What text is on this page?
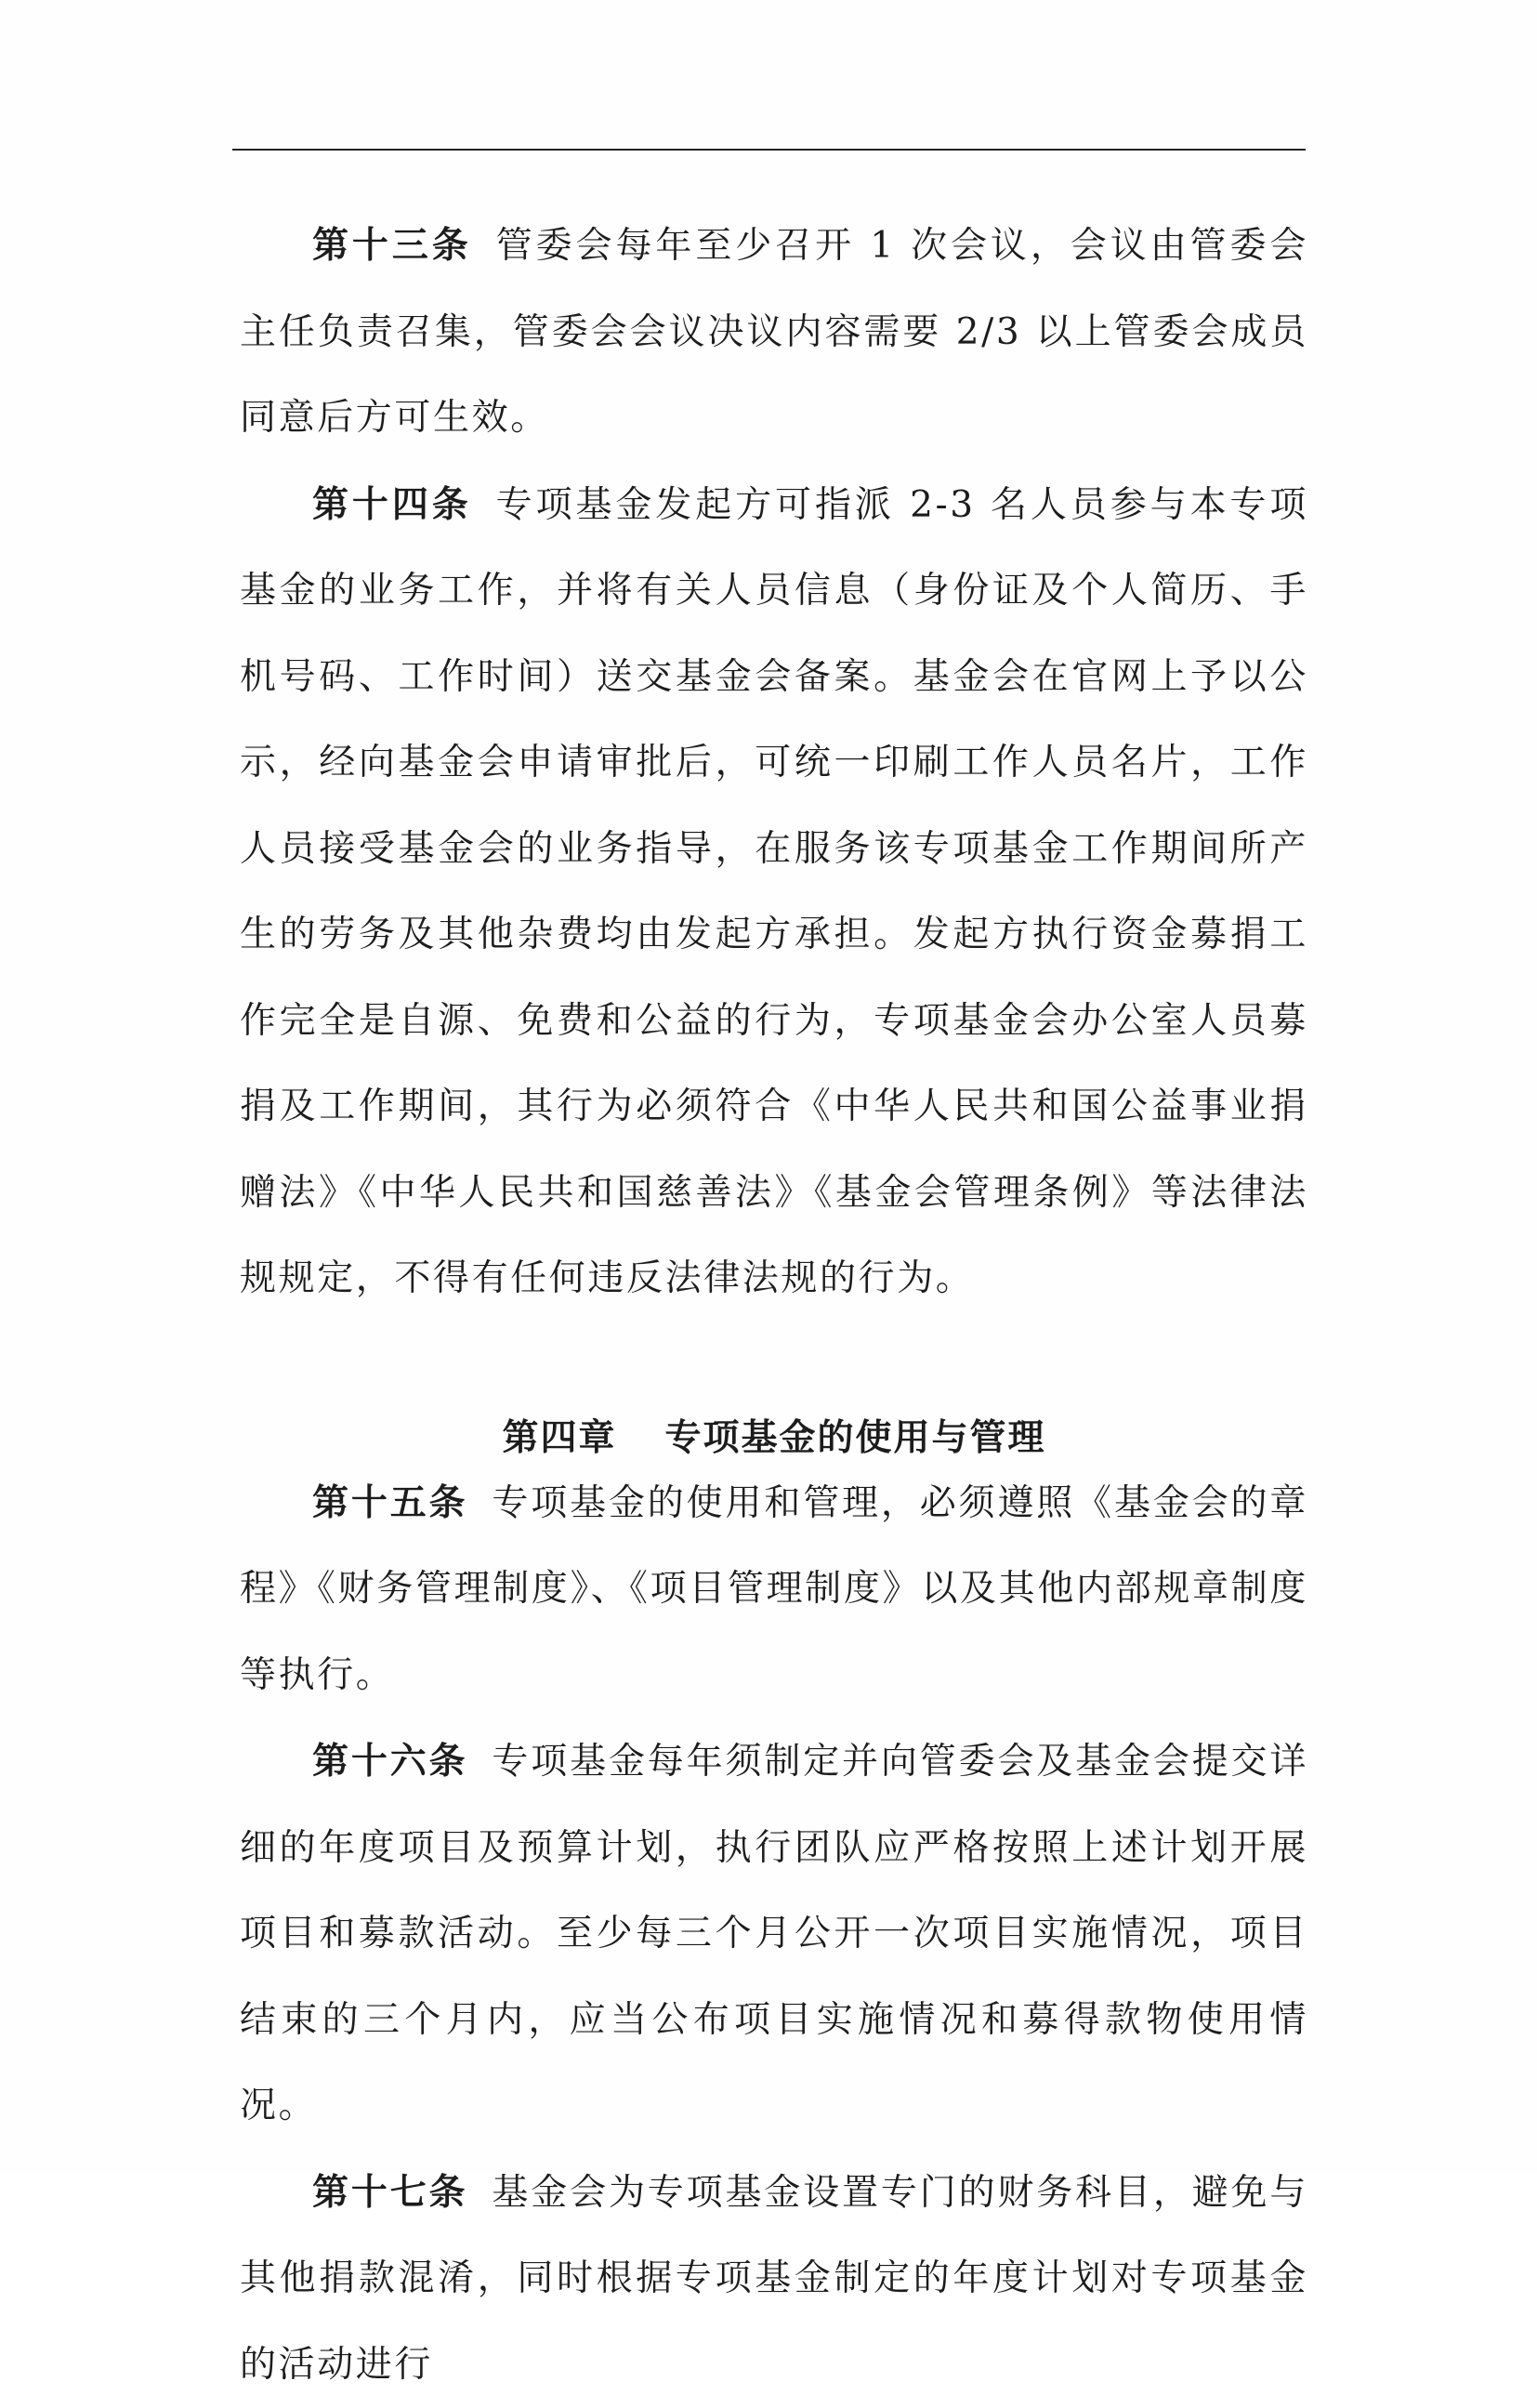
第十三条 管委会每年至少召开 1 次会议，会议由管委会主任负责召集，管委会会议决议内容需要 2/3 以上管委会成员同意后方可生效。

第十四条 专项基金发起方可指派 2-3 名人员参与本专项基金的业务工作，并将有关人员信息（身份证及个人简历、手机号码、工作时间）送交基金会备案。基金会在官网上予以公示，经向基金会申请审批后，可统一印刷工作人员名片，工作人员接受基金会的业务指导，在服务该专项基金工作期间所产生的劳务及其他杂费均由发起方承担。发起方执行资金募捐工作完全是自源、免费和公益的行为，专项基金会办公室人员募捐及工作期间，其行为必须符合《中华人民共和国公益事业捐赠法》《中华人民共和国慈善法》《基金会管理条例》等法律法规规定，不得有任何违反法律法规的行为。

第四章 专项基金的使用与管理

第十五条 专项基金的使用和管理，必须遵照《基金会的章程》《财务管理制度》、《项目管理制度》以及其他内部规章制度等执行。

第十六条 专项基金每年须制定并向管委会及基金会提交详细的年度项目及预算计划，执行团队应严格按照上述计划开展项目和募款活动。至少每三个月公开一次项目实施情况，项目结束的三个月内，应当公布项目实施情况和募得款物使用情况。

第十七条 基金会为专项基金设置专门的财务科目，避免与其他捐款混淆，同时根据专项基金制定的年度计划对专项基金的活动进行
